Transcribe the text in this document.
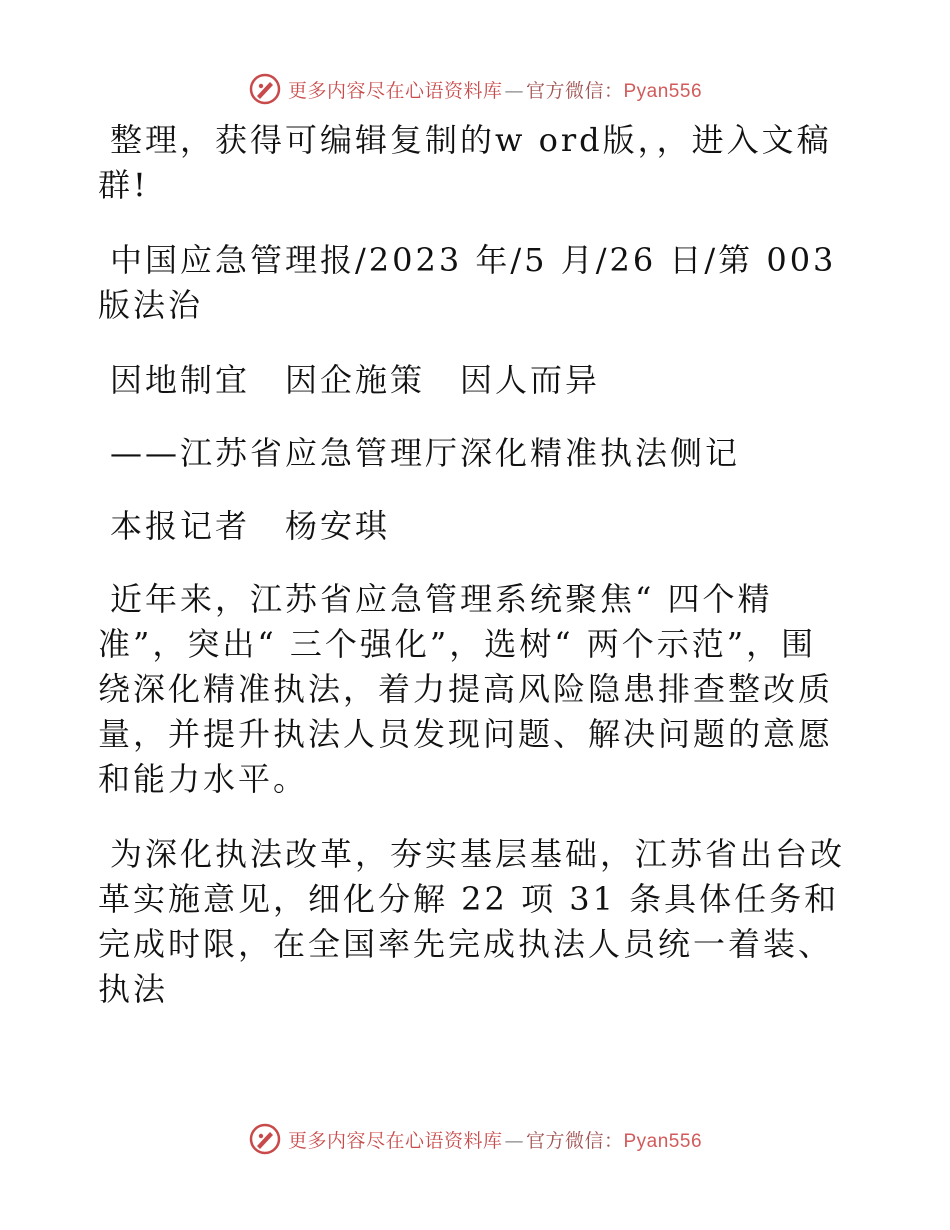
更多内容尽在心语资料库 — 官方微信：Pyan556

整理，获得可编辑复制的w ord版，，进入文稿群!

中国应急管理报/2023 年/5 月/26 日/第 003 版法治

因地制宜　因企施策　因人而异

——江苏省应急管理厅深化精准执法侧记

本报记者　杨安琪

近年来，江苏省应急管理系统聚焦“ 四个精准”，突出“ 三个强化”，选树“ 两个示范”，围绕深化精准执法，着力提高风险隐患排查整改质量，并提升执法人员发现问题、解决问题的意愿和能力水平。

为深化执法改革，夯实基层基础，江苏省出台改革实施意见，细化分解 22 项 31 条具体任务和完成时限，在全国率先完成执法人员统一着装、执法

更多内容尽在心语资料库 — 官方微信：Pyan556
